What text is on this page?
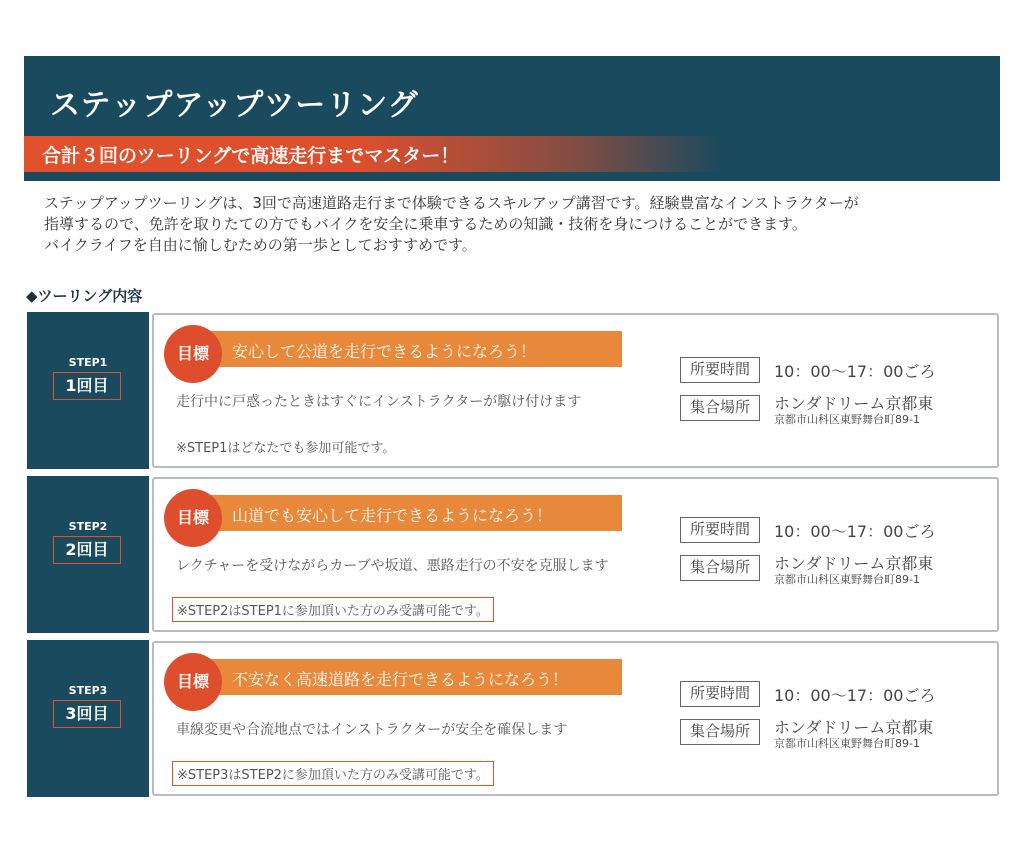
ステップアップツーリング
合計３回のツーリングで高速走行までマスター！

ステップアップツーリングは、3回で高速道路走行まで体験できるスキルアップ講習です。経験豊富なインストラクターが

指導するので、免許を取りたての方でもバイクを安全に乗車するための知識・技術を身につけることができます。

バイクライフを自由に愉しむための第一歩としておすすめです。

◆ツーリング内容
STEP1
1回目
安心して公道を走行できるようになろう！
目標
走行中に戸惑ったときはすぐにインストラクターが駆け付けます
※STEP1はどなたでも参加可能です。
所要時間	10：00〜17：00ごろ
集合場所	ホンダドリーム京都東
京都市山科区東野舞台町89-1
STEP2
2回目
山道でも安心して走行できるようになろう！
目標
レクチャーを受けながらカーブや坂道、悪路走行の不安を克服します
※STEP2はSTEP1に参加頂いた方のみ受講可能です。
所要時間	10：00〜17：00ごろ
集合場所	ホンダドリーム京都東
京都市山科区東野舞台町89-1
STEP3
3回目
不安なく高速道路を走行できるようになろう！
目標
車線変更や合流地点ではインストラクターが安全を確保します
※STEP3はSTEP2に参加頂いた方のみ受講可能です。
所要時間	10：00〜17：00ごろ
集合場所	ホンダドリーム京都東
京都市山科区東野舞台町89-1
